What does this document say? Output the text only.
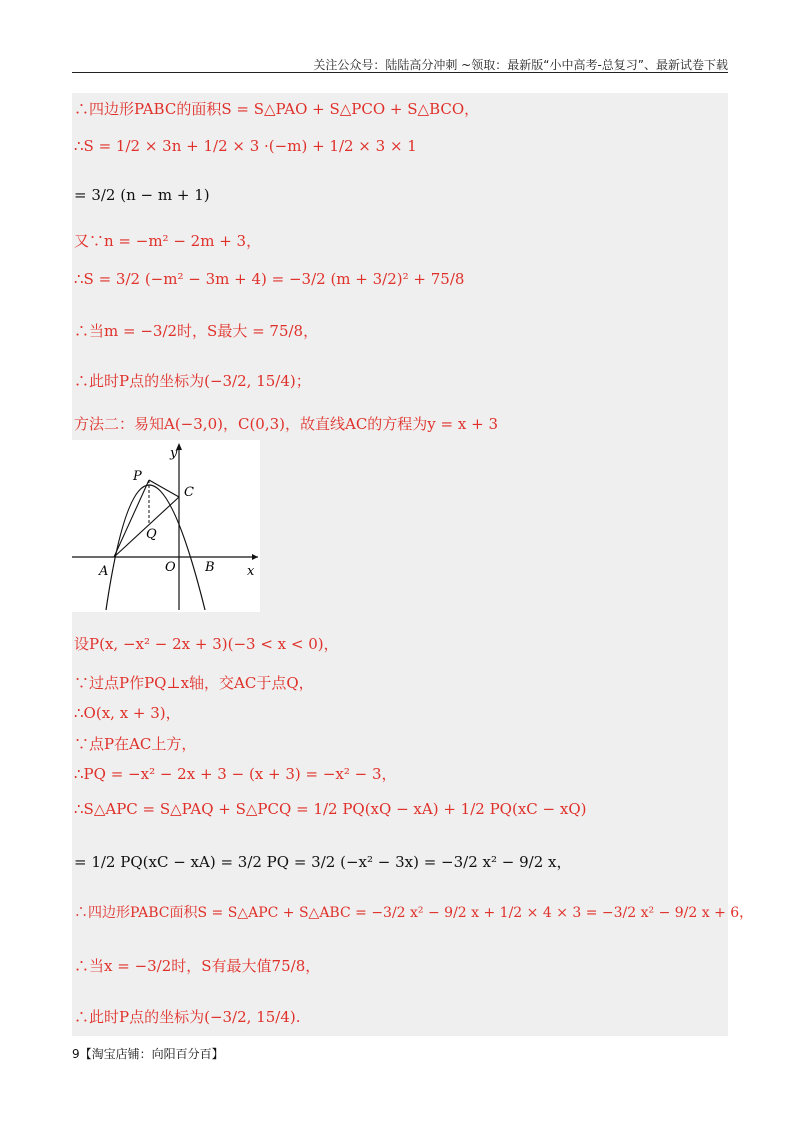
关注公众号：陆陆高分冲刺 ~领取：最新版“小中高考-总复习”、最新试卷下载
∴四边形PABC的面积S = S△PAO + S△PCO + S△BCO，
∴S = 1/2 × 3n + 1/2 × 3 ·(−m) + 1/2 × 3 × 1
= 3/2 (n − m + 1)
又∵n = −m² − 2m + 3，
∴S = 3/2 (−m² − 3m + 4) = −3/2 (m + 3/2)² + 75/8
∴当m = −3/2时，S最大 = 75/8，
∴此时P点的坐标为(−3/2, 15/4)；
方法二：易知A(−3,0)，C(0,3)，故直线AC的方程为y = x + 3
y
P
C
Q
A	O B x
设P(x, −x² − 2x + 3)(−3 < x < 0)，
∵过点P作PQ⊥x轴，交AC于点Q，
∴O(x, x + 3)，
∵点P在AC上方，
∴PQ = −x² − 2x + 3 − (x + 3) = −x² − 3，
∴S△APC = S△PAQ + S△PCQ = 1/2 PQ(xQ − xA) + 1/2 PQ(xC − xQ)
= 1/2 PQ(xC − xA) = 3/2 PQ = 3/2 (−x² − 3x) = −3/2 x² − 9/2 x，
∴四边形PABC面积S = S△APC + S△ABC = −3/2 x² − 9/2 x + 1/2 × 4 × 3 = −3/2 x² − 9/2 x + 6，
∴当x = −3/2时，S有最大值75/8，
∴此时P点的坐标为(−3/2, 15/4).
9【淘宝店铺：向阳百分百】
